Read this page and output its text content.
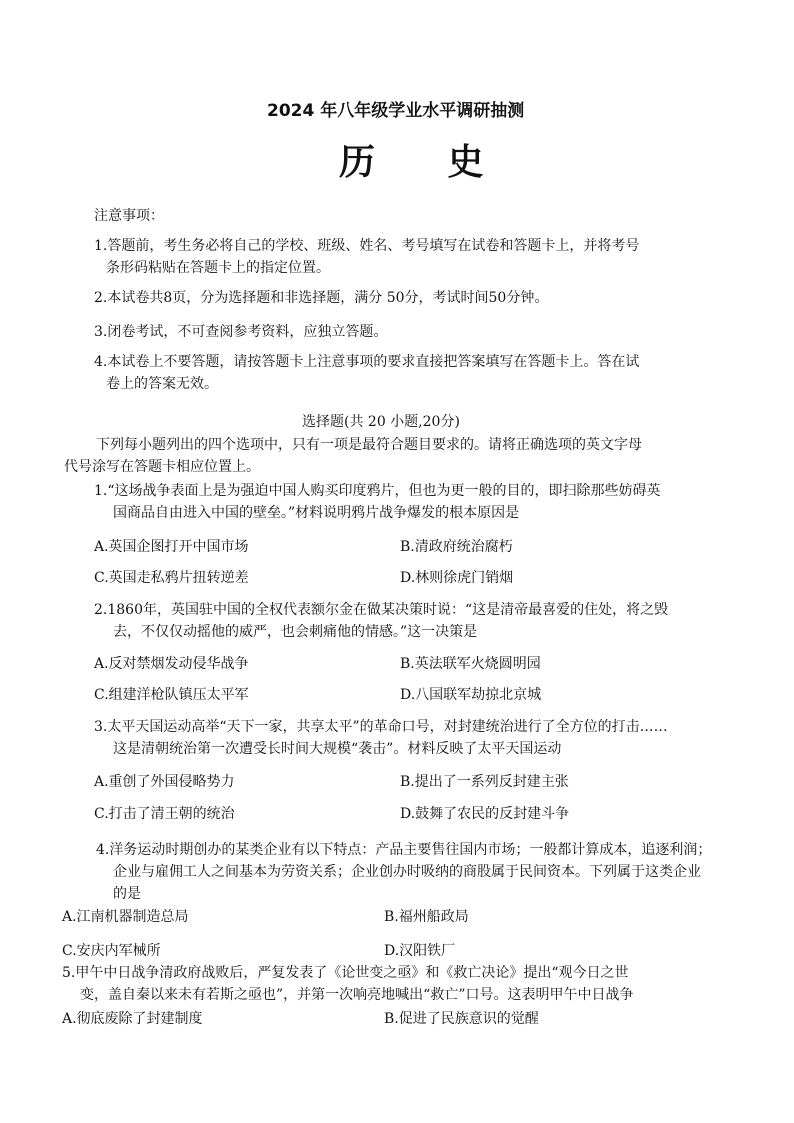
2024 年八年级学业水平调研抽测
历 史
注意事项：
1.答题前，考生务必将自己的学校、班级、姓名、考号填写在试卷和答题卡上，并将考号
条形码粘贴在答题卡上的指定位置。
2.本试卷共8页，分为选择题和非选择题，满分 50分，考试时间50分钟。
3.闭卷考试，不可查阅参考资料，应独立答题。
4.本试卷上不要答题，请按答题卡上注意事项的要求直接把答案填写在答题卡上。答在试
卷上的答案无效。
选择题(共 20 小题,20分)
下列每小题列出的四个选项中，只有一项是最符合题目要求的。请将正确选项的英文字母
代号涂写在答题卡相应位置上。
1.“这场战争表面上是为强迫中国人购买印度鸦片，但也为更一般的目的，即扫除那些妨碍英
国商品自由进入中国的壁垒。”材料说明鸦片战争爆发的根本原因是
A.英国企图打开中国市场	B.清政府统治腐朽
C.英国走私鸦片扭转逆差	D.林则徐虎门销烟
2.1860年，英国驻中国的全权代表额尔金在做某决策时说：“这是清帝最喜爱的住处，将之毁
去，不仅仅动摇他的威严，也会刺痛他的情感。”这一决策是
A.反对禁烟发动侵华战争	B.英法联军火烧圆明园
C.组建洋枪队镇压太平军	D.八国联军劫掠北京城
3.太平天国运动高举“天下一家，共享太平”的革命口号，对封建统治进行了全方位的打击……
这是清朝统治第一次遭受长时间大规模“袭击”。材料反映了太平天国运动
A.重创了外国侵略势力	B.提出了一系列反封建主张
C.打击了清王朝的统治	D.鼓舞了农民的反封建斗争
4.洋务运动时期创办的某类企业有以下特点：产品主要售往国内市场；一般都计算成本，追逐利润；
企业与雇佣工人之间基本为劳资关系；企业创办时吸纳的商股属于民间资本。下列属于这类企业
的是
A.江南机器制造总局	B.福州船政局
C.安庆内军械所	D.汉阳铁厂
5.甲午中日战争清政府战败后，严复发表了《论世变之亟》和《救亡决论》提出“观今日之世
变，盖自秦以来未有若斯之亟也”，并第一次响亮地喊出“救亡”口号。这表明甲午中日战争
A.彻底废除了封建制度	B.促进了民族意识的觉醒
